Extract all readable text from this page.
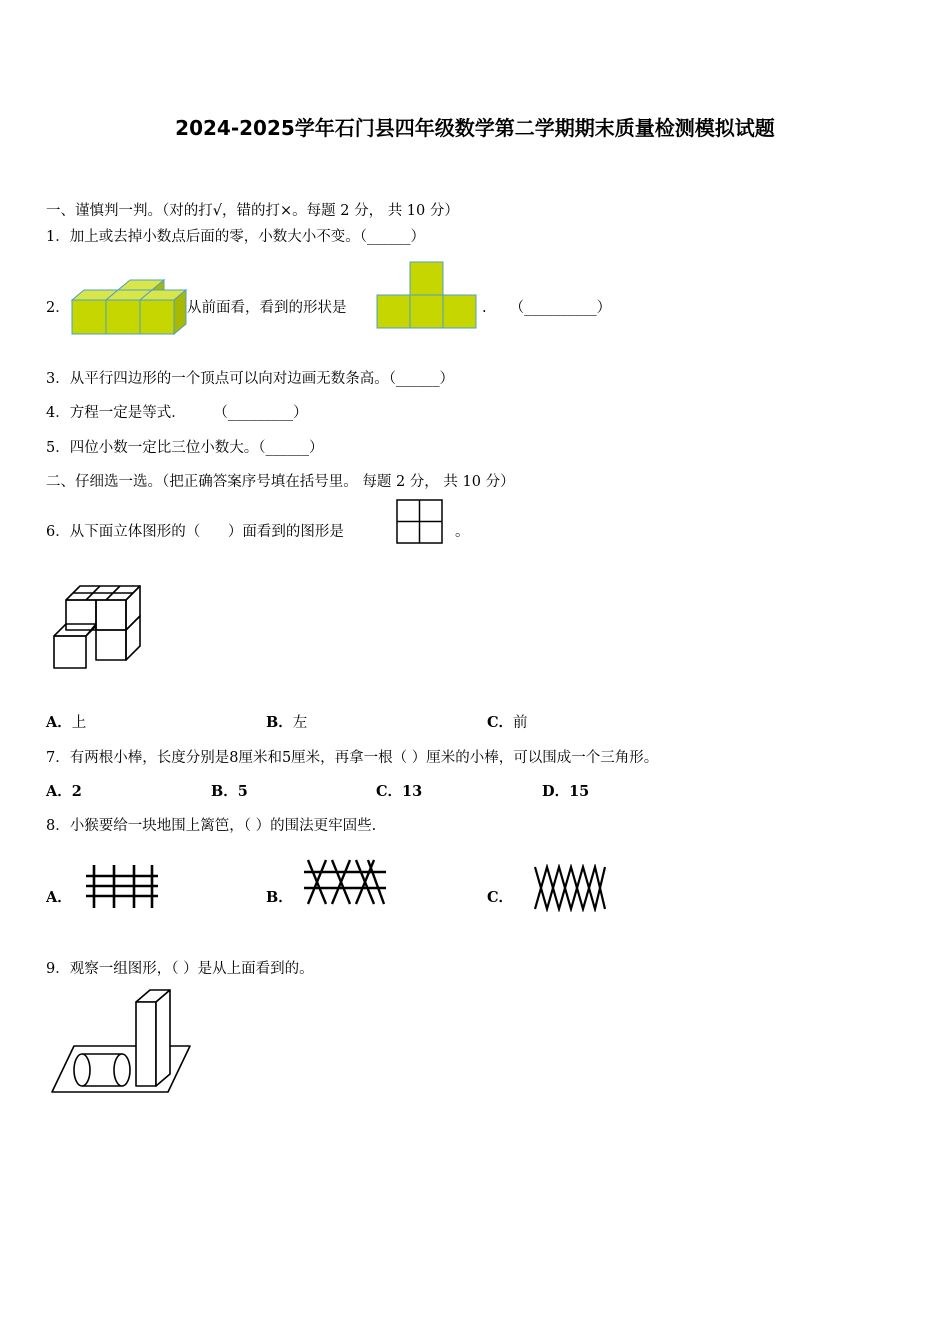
2024-2025学年石门县四年级数学第二学期期末质量检测模拟试题
一、谨慎判一判。（对的打√，错的打×。每题 2 分， 共 10 分）
1．加上或去掉小数点后面的零，小数大小不变。（______）
2．	从前面看，看到的形状是	.     （__________）
3．从平行四边形的一个顶点可以向对边画无数条高。（______）
4．方程一定是等式．      （_________）
5．四位小数一定比三位小数大。（______）
二、仔细选一选。（把正确答案序号填在括号里。 每题 2 分， 共 10 分）
6．从下面立体图形的（      ）面看到的图形是	。
A．上	B．左	C．前
7．有两根小棒，长度分别是8厘米和5厘米，再拿一根（ ）厘米的小棒，可以围成一个三角形。
A．2	B．5	C．13	D．15
8．小猴要给一块地围上篱笆，（ ）的围法更牢固些.
A．	B．	C．
9．观察一组图形，（ ）是从上面看到的。
